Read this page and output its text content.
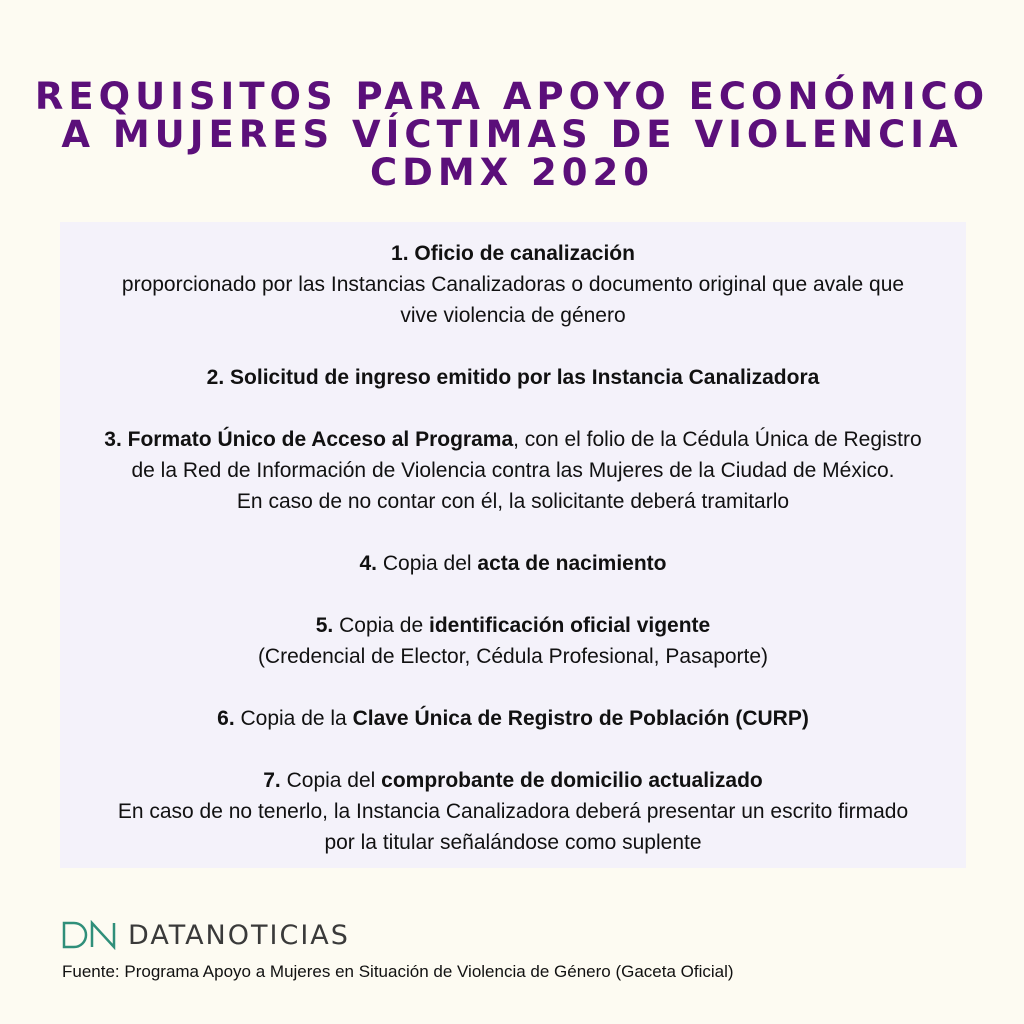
REQUISITOS PARA APOYO ECONÓMICO
A MUJERES VÍCTIMAS DE VIOLENCIA
CDMX 2020
1. Oficio de canalización
proporcionado por las Instancias Canalizadoras o documento original que avale que
vive violencia de género
2. Solicitud de ingreso emitido por las Instancia Canalizadora
3. Formato Único de Acceso al Programa, con el folio de la Cédula Única de Registro
de la Red de Información de Violencia contra las Mujeres de la Ciudad de México.
En caso de no contar con él, la solicitante deberá tramitarlo
4. Copia del acta de nacimiento
5. Copia de identificación oficial vigente
(Credencial de Elector, Cédula Profesional, Pasaporte)
6. Copia de la Clave Única de Registro de Población (CURP)
7. Copia del comprobante de domicilio actualizado
En caso de no tenerlo, la Instancia Canalizadora deberá presentar un escrito firmado
por la titular señalándose como suplente
DATANOTICIAS
Fuente: Programa Apoyo a Mujeres en Situación de Violencia de Género (Gaceta Oficial)
